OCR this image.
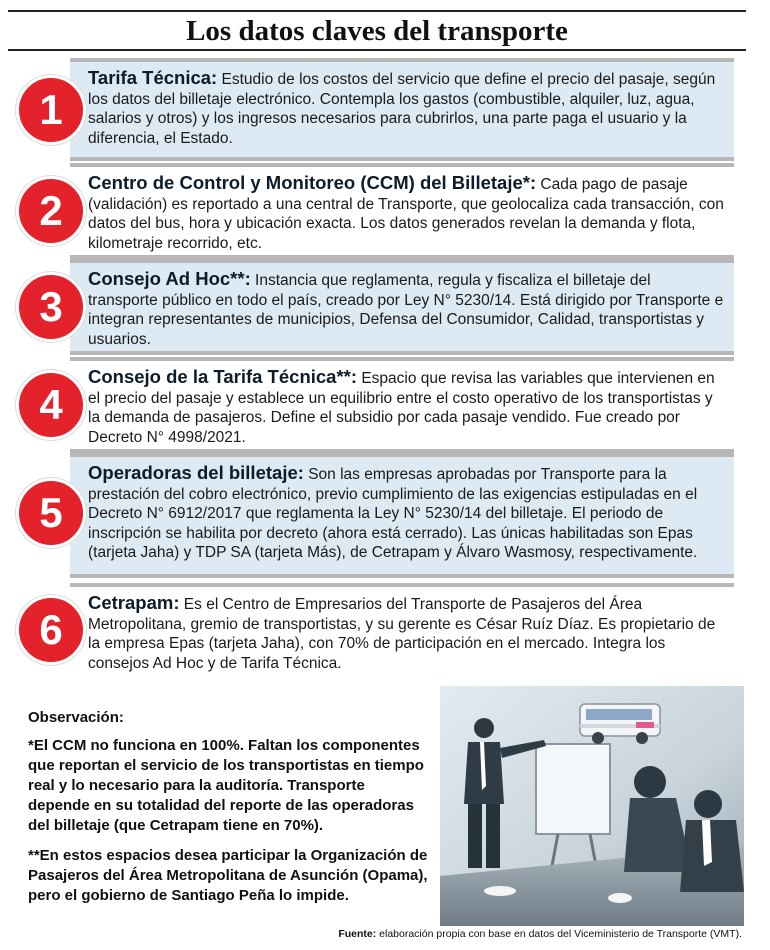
Los datos claves del transporte
Tarifa Técnica: Estudio de los costos del servicio que define el precio del pasaje, según los datos del billetaje electrónico. Contempla los gastos (combustible, alquiler, luz, agua, salarios y otros) y los ingresos necesarios para cubrirlos, una parte paga el usuario y la diferencia, el Estado.
1
Centro de Control y Monitoreo (CCM) del Billetaje*: Cada pago de pasaje (validación) es reportado a una central de Transporte, que geolocaliza cada transacción, con datos del bus, hora y ubicación exacta. Los datos generados revelan la demanda y flota, kilometraje recorrido, etc.
2
Consejo Ad Hoc**: Instancia que reglamenta, regula y fiscaliza el billetaje del transporte público en todo el país, creado por Ley N° 5230/14. Está dirigido por Transporte e integran representantes de municipios, Defensa del Consumidor, Calidad, transportistas y usuarios.
3
Consejo de la Tarifa Técnica**: Espacio que revisa las variables que intervienen en el precio del pasaje y establece un equilibrio entre el costo operativo de los transportistas y la demanda de pasajeros. Define el subsidio por cada pasaje vendido. Fue creado por Decreto N° 4998/2021.
4
Operadoras del billetaje: Son las empresas aprobadas por Transporte para la prestación del cobro electrónico, previo cumplimiento de las exigencias estipuladas en el Decreto N° 6912/2017 que reglamenta la Ley N° 5230/14 del billetaje. El periodo de inscripción se habilita por decreto (ahora está cerrado). Las únicas habilitadas son Epas (tarjeta Jaha) y TDP SA (tarjeta Más), de Cetrapam y Álvaro Wasmosy, respectivamente.
5
Cetrapam: Es el Centro de Empresarios del Transporte de Pasajeros del Área Metropolitana, gremio de transportistas, y su gerente es César Ruíz Díaz. Es propietario de la empresa Epas (tarjeta Jaha), con 70% de participación en el mercado. Integra los consejos Ad Hoc y de Tarifa Técnica.
6
Observación:

*El CCM no funciona en 100%. Faltan los componentes que reportan el servicio de los transportistas en tiempo real y lo necesario para la auditoría. Transporte depende en su totalidad del reporte de las operadoras del billetaje (que Cetrapam tiene en 70%).

**En estos espacios desea participar la Organización de Pasajeros del Área Metropolitana de Asunción (Opama), pero el gobierno de Santiago Peña lo impide.

Fuente: elaboración propia con base en datos del Viceministerio de Transporte (VMT).
